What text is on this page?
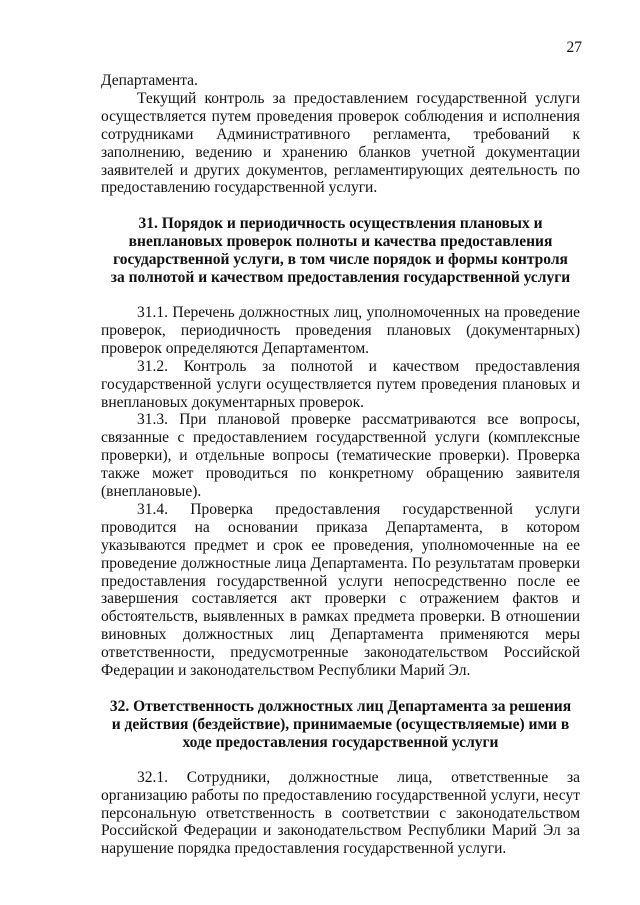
27

Департамента.

Текущий контроль за предоставлением государственной услуги осуществляется путем проведения проверок соблюдения и исполнения сотрудниками Административного регламента, требований к заполнению, ведению и хранению бланков учетной документации заявителей и других документов, регламентирующих деятельность по предоставлению государственной услуги.

31. Порядок и периодичность осуществления плановых и внеплановых проверок полноты и качества предоставления государственной услуги, в том числе порядок и формы контроля за полнотой и качеством предоставления государственной услуги

31.1. Перечень должностных лиц, уполномоченных на проведение проверок, периодичность проведения плановых (документарных) проверок определяются Департаментом.

31.2. Контроль за полнотой и качеством предоставления государственной услуги осуществляется путем проведения плановых и внеплановых документарных проверок.

31.3. При плановой проверке рассматриваются все вопросы, связанные с предоставлением государственной услуги (комплексные проверки), и отдельные вопросы (тематические проверки). Проверка также может проводиться по конкретному обращению заявителя (внеплановые).

31.4. Проверка предоставления государственной услуги проводится на основании приказа Департамента, в котором указываются предмет и срок ее проведения, уполномоченные на ее проведение должностные лица Департамента. По результатам проверки предоставления государственной услуги непосредственно после ее завершения составляется акт проверки с отражением фактов и обстоятельств, выявленных в рамках предмета проверки. В отношении виновных должностных лиц Департамента применяются меры ответственности, предусмотренные законодательством Российской Федерации и законодательством Республики Марий Эл.

32. Ответственность должностных лиц Департамента за решения и действия (бездействие), принимаемые (осуществляемые) ими в ходе предоставления государственной услуги

32.1. Сотрудники, должностные лица, ответственные за организацию работы по предоставлению государственной услуги, несут персональную ответственность в соответствии с законодательством Российской Федерации и законодательством Республики Марий Эл за нарушение порядка предоставления государственной услуги.
